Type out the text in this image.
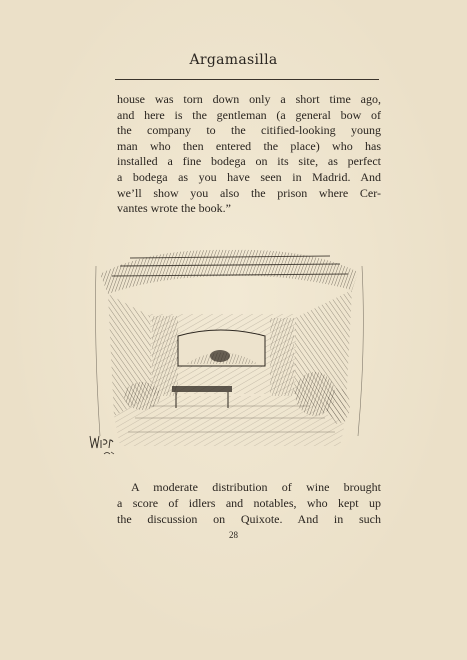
Argamasilla
house was torn down only a short time ago,
and here is the gentleman (a general bow of
the company to the citified-looking young
man who then entered the place) who has
installed a fine bodega on its site, as perfect
a bodega as you have seen in Madrid. And
we’ll show you also the prison where Cer-
vantes wrote the book.”
A moderate distribution of wine brought
a score of idlers and notables, who kept up
the discussion on Quixote. And in such
28
